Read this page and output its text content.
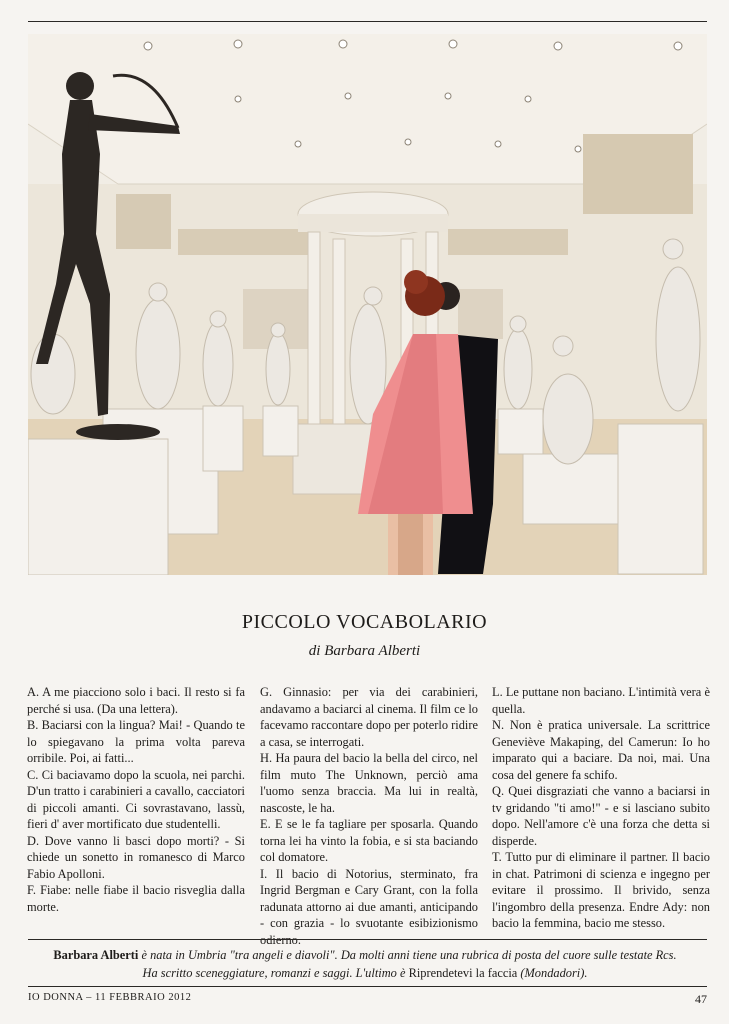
PICCOLO VOCABOLARIO
di Barbara Alberti

A. A me piacciono solo i baci. Il resto si fa perché si usa. (Da una lettera).

B. Baciarsi con la lingua? Mai! - Quando te lo spiegavano la prima volta pareva orribile. Poi, ai fatti...

C. Ci baciavamo dopo la scuola, nei parchi. D'un tratto i carabinieri a cavallo, cacciatori di piccoli amanti. Ci sovrastavano, lassù, fieri d' aver mortificato due studentelli.

D. Dove vanno li basci dopo morti? - Si chiede un sonetto in romanesco di Marco Fabio Apolloni.

F. Fiabe: nelle fiabe il bacio risveglia dalla morte.

G. Ginnasio: per via dei carabinieri, andavamo a baciarci al cinema. Il film ce lo facevamo raccontare dopo per poterlo ridire a casa, se interrogati.

H. Ha paura del bacio la bella del circo, nel film muto The Unknown, perciò ama l'uomo senza braccia. Ma lui in realtà, nascoste, le ha.

E. E se le fa tagliare per sposarla. Quando torna lei ha vinto la fobia, e si sta baciando col domatore.

I. Il bacio di Notorius, sterminato, fra Ingrid Bergman e Cary Grant, con la folla radunata attorno ai due amanti, anticipando - con grazia - lo svuotante esibizionismo odierno.

L. Le puttane non baciano. L'intimità vera è quella.

N. Non è pratica universale. La scrittrice Geneviève Makaping, del Camerun: Io ho imparato qui a baciare. Da noi, mai. Una cosa del genere fa schifo.

Q. Quei disgraziati che vanno a baciarsi in tv gridando "ti amo!" - e si lasciano subito dopo. Nell'amore c'è una forza che detta si disperde.

T. Tutto pur di eliminare il partner. Il bacio in chat. Patrimoni di scienza e ingegno per evitare il prossimo. Il brivido, senza l'ingombro della presenza. Endre Ady: non bacio la femmina, bacio me stesso.

Barbara Alberti è nata in Umbria "tra angeli e diavoli". Da molti anni tiene una rubrica di posta del cuore sulle testate Rcs.
Ha scritto sceneggiature, romanzi e saggi. L'ultimo è Riprendetevi la faccia (Mondadori).
IO DONNA – 11 FEBBRAIO 2012	47
